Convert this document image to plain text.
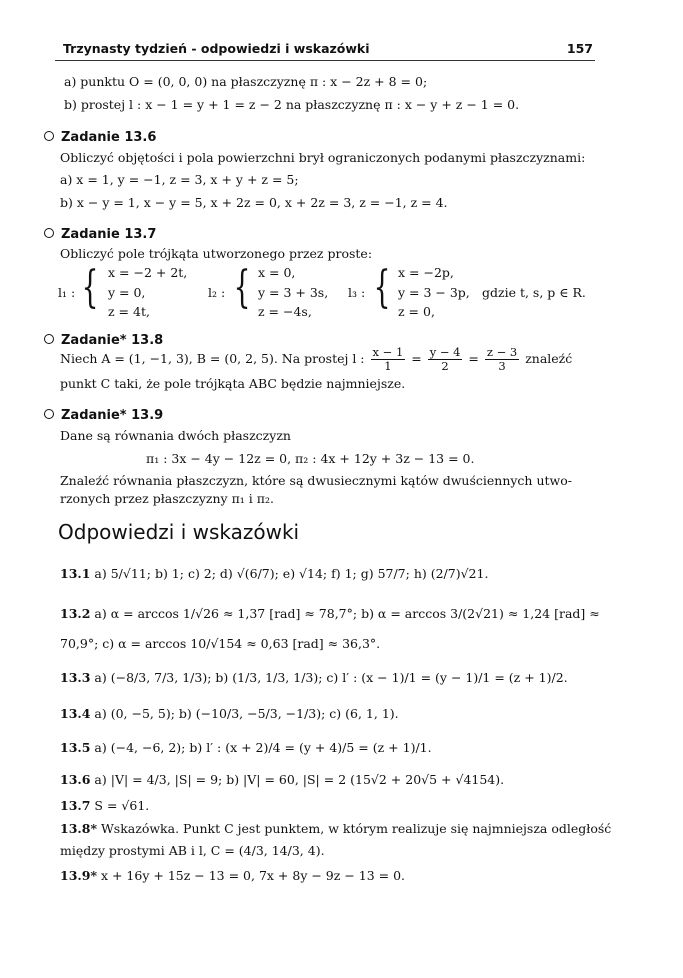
Trzynasty tydzień - odpowiedzi i wskazówki	157
a) punktu O = (0, 0, 0) na płaszczyznę π : x − 2z + 8 = 0;
b) prostej l : x − 1 = y + 1 = z − 2 na płaszczyznę π : x − y + z − 1 = 0.
Zadanie 13.6
Obliczyć objętości i pola powierzchni brył ograniczonych podanymi płaszczyznami:
a) x = 1, y = −1, z = 3, x + y + z = 5;
b) x − y = 1, x − y = 5, x + 2z = 0, x + 2z = 3, z = −1, z = 4.
Zadanie 13.7
Obliczyć pole trójkąta utworzonego przez proste:
l₁ : { x = −2 + 2t,
y = 0,
z = 4t,
l₂ : { x = 0,
y = 3 + 3s,
z = −4s,
l₃ : { x = −2p,
y = 3 − 3p,
z = 0,
gdzie t, s, p ∈ R.
Zadanie* 13.8
Niech A = (1, −1, 3), B = (0, 2, 5). Na prostej l : $\frac{x - 1}{1} = \frac{y - 4}{2} = \frac{z - 3}{3}$ znaleźć
punkt C taki, że pole trójkąta ABC będzie najmniejsze.
Zadanie* 13.9
Dane są równania dwóch płaszczyzn
π₁ : 3x − 4y − 12z = 0, π₂ : 4x + 12y + 3z − 13 = 0.
Znaleźć równania płaszczyzn, które są dwusiecznymi kątów dwuściennych utwo-
rzonych przez płaszczyzny π₁ i π₂.
Odpowiedzi i wskazówki
13.1 a) 5/√11; b) 1; c) 2; d) √(6/7); e) √14; f) 1; g) 57/7; h) (2/7)√21.
13.2 a) α = arccos 1/√26 ≈ 1,37 [rad] ≈ 78,7°; b) α = arccos 3/(2√21) ≈ 1,24 [rad] ≈
70,9°; c) α = arccos 10/√154 ≈ 0,63 [rad] ≈ 36,3°.
13.3 a) (−8/3, 7/3, 1/3); b) (1/3, 1/3, 1/3); c) l′ : (x − 1)/1 = (y − 1)/1 = (z + 1)/2.
13.4 a) (0, −5, 5); b) (−10/3, −5/3, −1/3); c) (6, 1, 1).
13.5 a) (−4, −6, 2); b) l′ : (x + 2)/4 = (y + 4)/5 = (z + 1)/1.
13.6 a) |V| = 4/3, |S| = 9; b) |V| = 60, |S| = 2 (15√2 + 20√5 + √4154).
13.7 S = √61.
13.8* Wskazówka. Punkt C jest punktem, w którym realizuje się najmniejsza odległość
między prostymi AB i l, C = (4/3, 14/3, 4).
13.9* x + 16y + 15z − 13 = 0, 7x + 8y − 9z − 13 = 0.
